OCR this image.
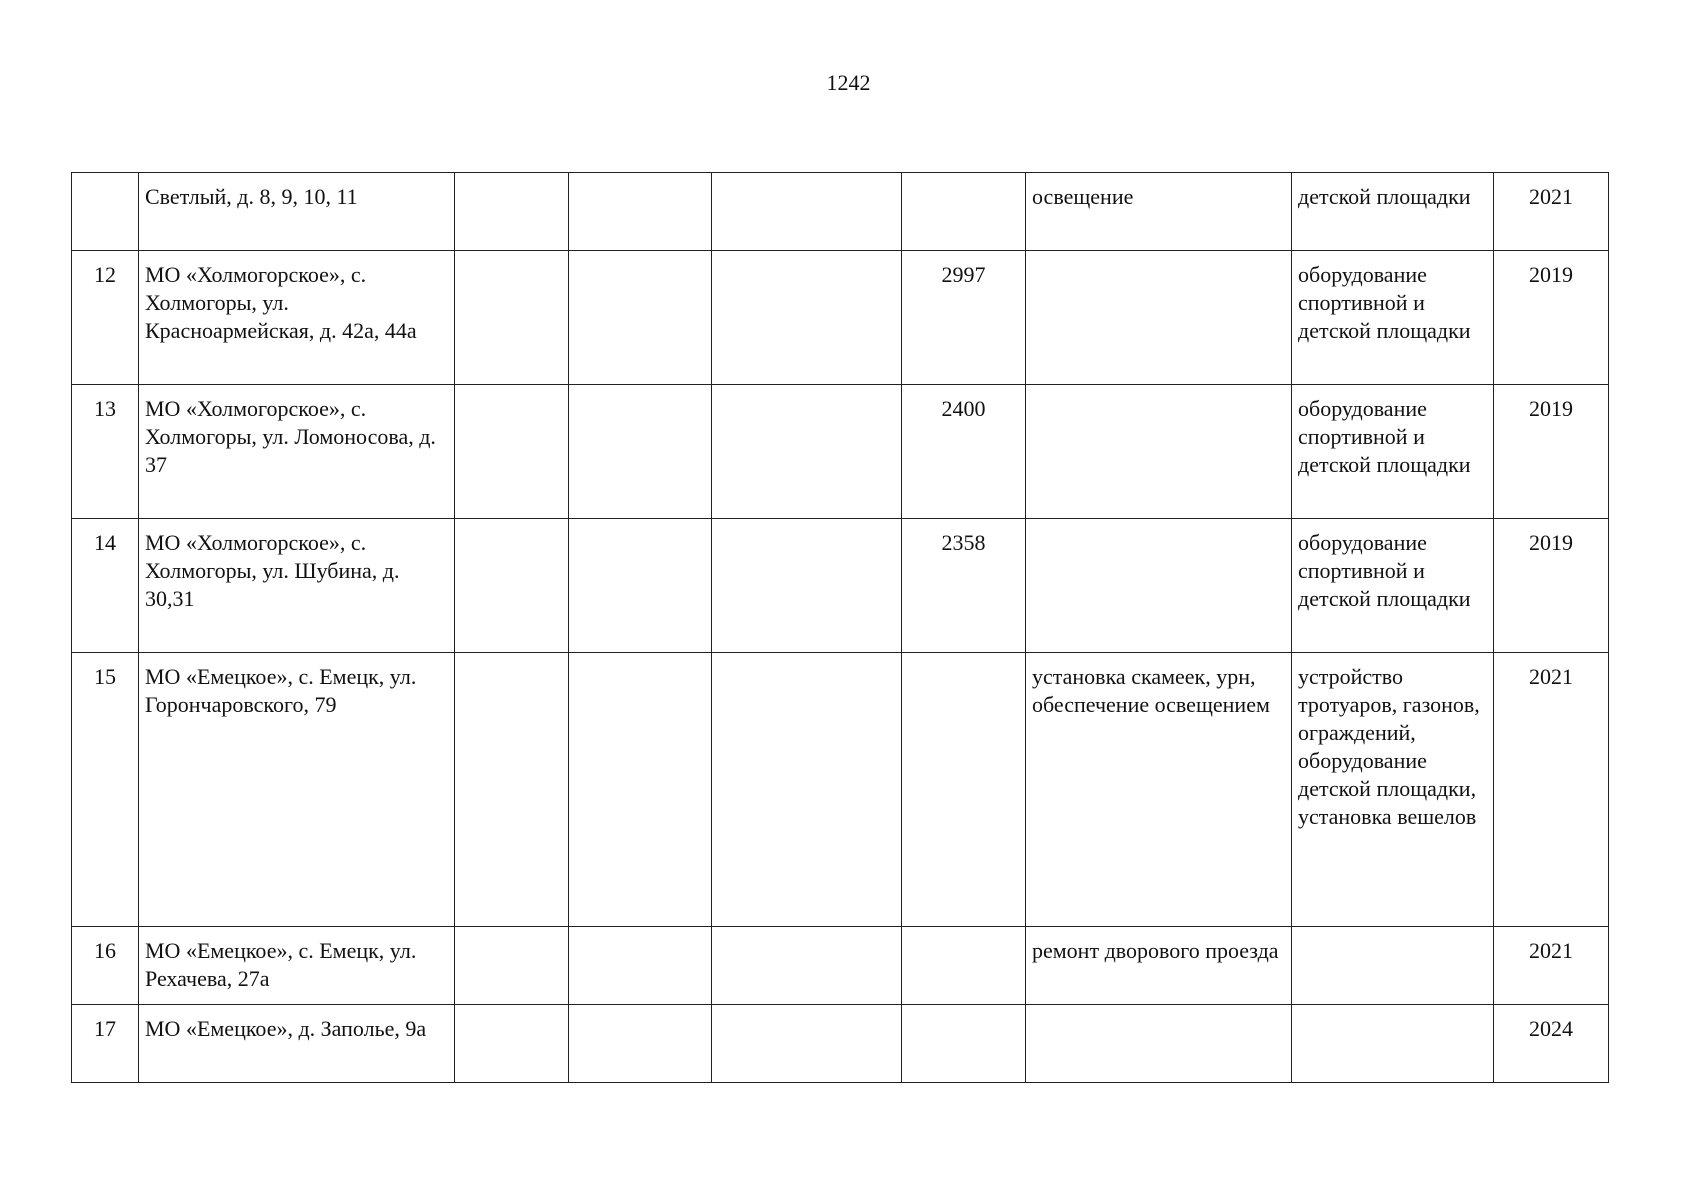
1242
	Светлый, д. 8, 9, 10, 11					освещение	детской площадки	2021
12	МО «Холмогорское», с. Холмогоры, ул. Красноармейская, д. 42а, 44а				2997		оборудование спортивной и детской площадки	2019
13	МО «Холмогорское», с. Холмогоры, ул. Ломоносова, д. 37				2400		оборудование спортивной и детской площадки	2019
14	МО «Холмогорское», с. Холмогоры, ул. Шубина, д. 30,31				2358		оборудование спортивной и детской площадки	2019
15	МО «Емецкое», с. Емецк, ул. Горончаровского, 79					установка скамеек, урн, обеспечение освещением	устройство тротуаров, газонов, ограждений, оборудование детской площадки, установка вешелов	2021
16	МО «Емецкое», с. Емецк, ул. Рехачева, 27а					ремонт дворового проезда		2021
17	МО «Емецкое», д. Заполье, 9а							2024
